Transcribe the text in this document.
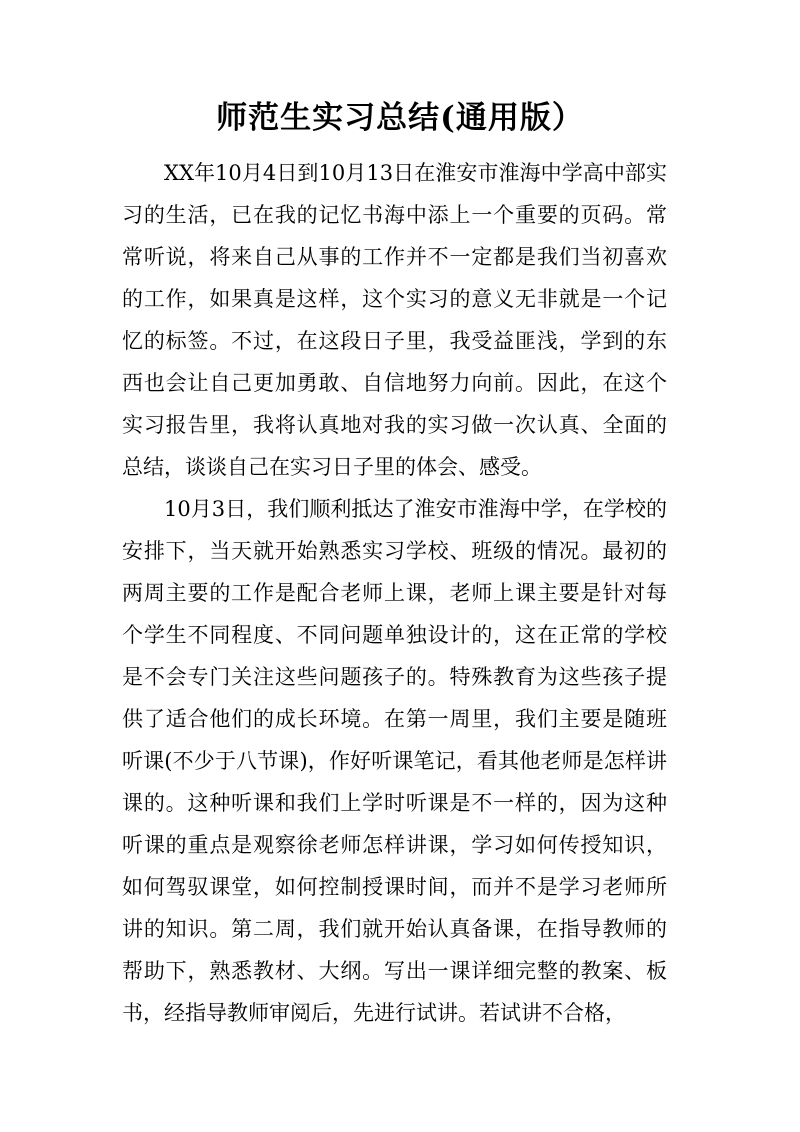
师范生实习总结(通用版）

XX年10月4日到10月13日在淮安市淮海中学高中部实习的生活，已在我的记忆书海中添上一个重要的页码。常常听说，将来自己从事的工作并不一定都是我们当初喜欢的工作，如果真是这样，这个实习的意义无非就是一个记忆的标签。不过，在这段日子里，我受益匪浅，学到的东西也会让自己更加勇敢、自信地努力向前。因此，在这个实习报告里，我将认真地对我的实习做一次认真、全面的总结，谈谈自己在实习日子里的体会、感受。

10月3日，我们顺利抵达了淮安市淮海中学，在学校的安排下，当天就开始熟悉实习学校、班级的情况。最初的两周主要的工作是配合老师上课，老师上课主要是针对每个学生不同程度、不同问题单独设计的，这在正常的学校是不会专门关注这些问题孩子的。特殊教育为这些孩子提供了适合他们的成长环境。在第一周里，我们主要是随班听课(不少于八节课)，作好听课笔记，看其他老师是怎样讲课的。这种听课和我们上学时听课是不一样的，因为这种听课的重点是观察徐老师怎样讲课，学习如何传授知识，如何驾驭课堂，如何控制授课时间，而并不是学习老师所讲的知识。第二周，我们就开始认真备课，在指导教师的帮助下，熟悉教材、大纲。写出一课详细完整的教案、板书，经指导教师审阅后，先进行试讲。若试讲不合格，
